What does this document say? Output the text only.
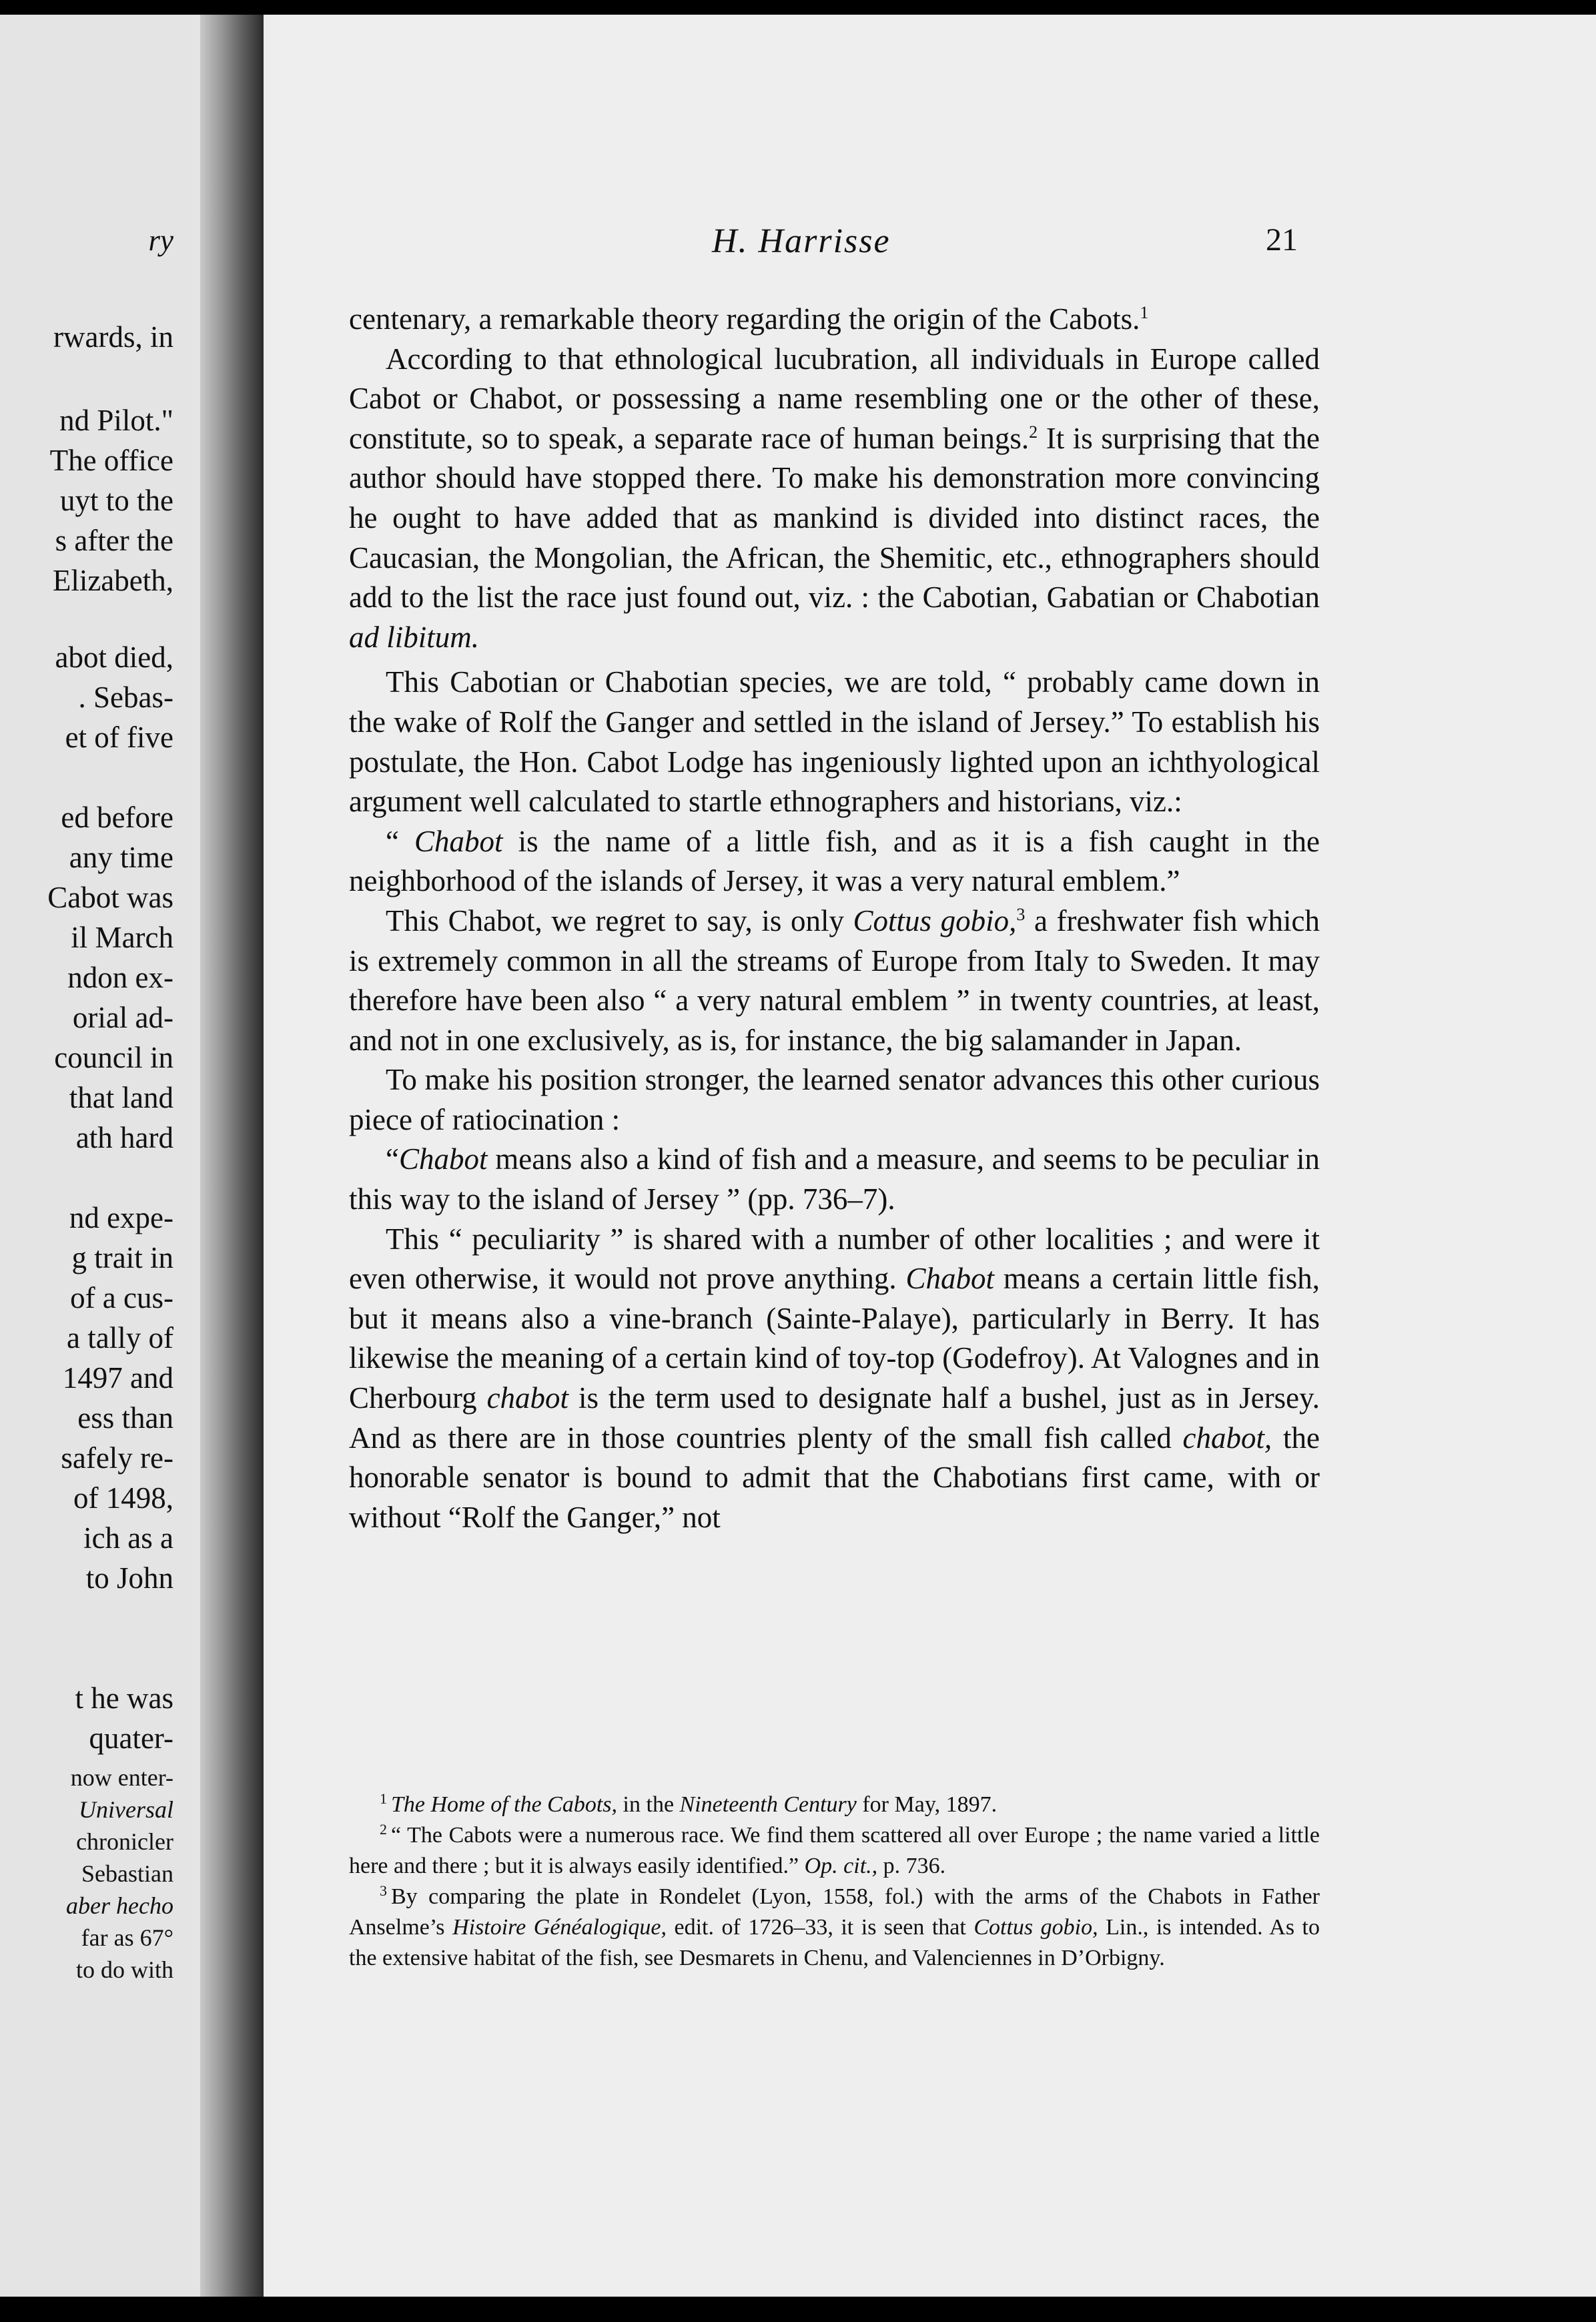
ry
rwards, in
nd Pilot."
The office
uyt to the
s after the
Elizabeth,
abot died,
. Sebas-
et of five
ed before
any time
Cabot was
il March
ndon ex-
orial ad-
council in
that land
ath hard
nd expe-
g trait in
of a cus-
a tally of
1497 and
ess than
safely re-
of 1498,
ich as a
to John
t he was
quater-
now enter-
Universal
chronicler
Sebastian
aber hecho
far as 67°
to do with
H. Harrisse	21

centenary, a remarkable theory regarding the origin of the Cabots.$^1$

According to that ethnological lucubration, all individuals in Europe called Cabot or Chabot, or possessing a name resembling one or the other of these, constitute, so to speak, a separate race of human beings.$^2$ It is surprising that the author should have stopped there. To make his demonstration more convincing he ought to have added that as mankind is divided into distinct races, the Caucasian, the Mongolian, the African, the Shemitic, etc., ethnographers should add to the list the race just found out, viz. : the Cabotian, Gabatian or Chabotian ad libitum.

This Cabotian or Chabotian species, we are told, “ probably came down in the wake of Rolf the Ganger and settled in the island of Jersey.” To establish his postulate, the Hon. Cabot Lodge has ingeniously lighted upon an ichthyological argument well calculated to startle ethnographers and historians, viz.:

“ Chabot is the name of a little fish, and as it is a fish caught in the neighborhood of the islands of Jersey, it was a very natural emblem.”

This Chabot, we regret to say, is only Cottus gobio,$^3$ a freshwater fish which is extremely common in all the streams of Europe from Italy to Sweden. It may therefore have been also “ a very natural emblem ” in twenty countries, at least, and not in one exclusively, as is, for instance, the big salamander in Japan.

To make his position stronger, the learned senator advances this other curious piece of ratiocination :

“Chabot means also a kind of fish and a measure, and seems to be peculiar in this way to the island of Jersey ” (pp. 736–7).

This “ peculiarity ” is shared with a number of other localities ; and were it even otherwise, it would not prove anything. Chabot means a certain little fish, but it means also a vine-branch (Sainte-Palaye), particularly in Berry. It has likewise the meaning of a certain kind of toy-top (Godefroy). At Valognes and in Cherbourg chabot is the term used to designate half a bushel, just as in Jersey. And as there are in those countries plenty of the small fish called chabot, the honorable senator is bound to admit that the Chabotians first came, with or without “Rolf the Ganger,” not

$^1$ The Home of the Cabots, in the Nineteenth Century for May, 1897.

$^2$ “ The Cabots were a numerous race. We find them scattered all over Europe ; the name varied a little here and there ; but it is always easily identified.” Op. cit., p. 736.

$^3$ By comparing the plate in Rondelet (Lyon, 1558, fol.) with the arms of the Chabots in Father Anselme’s Histoire Généalogique, edit. of 1726–33, it is seen that Cottus gobio, Lin., is intended. As to the extensive habitat of the fish, see Desmarets in Chenu, and Valenciennes in D’Orbigny.
